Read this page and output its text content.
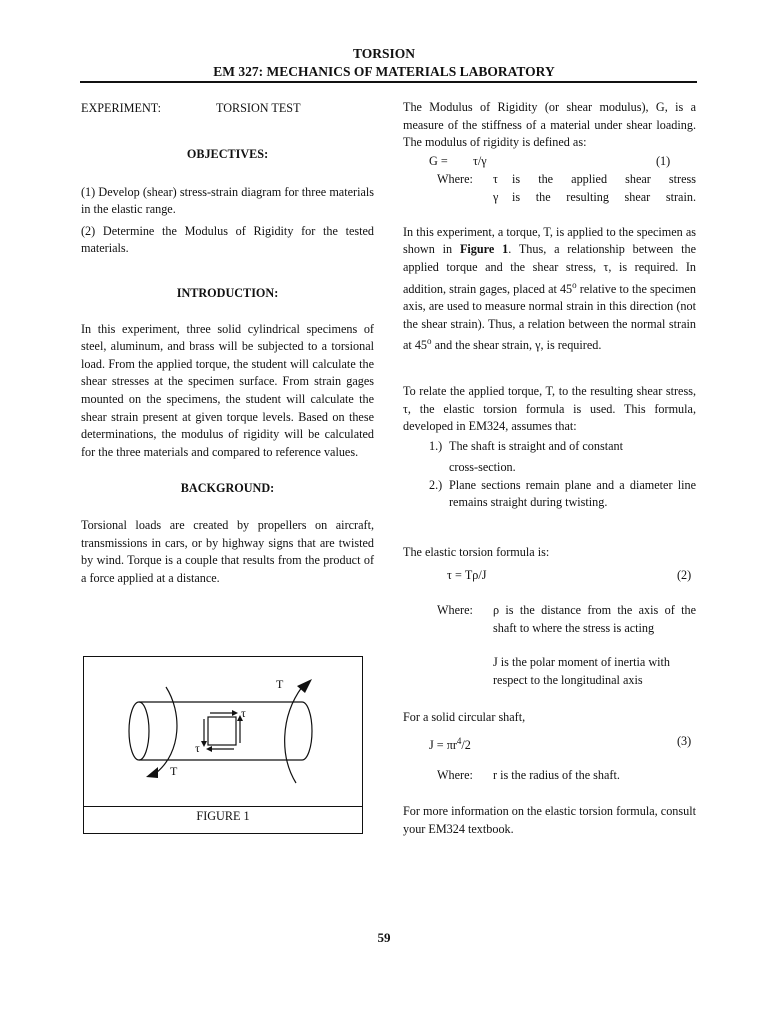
TORSION
EM 327: MECHANICS OF MATERIALS LABORATORY
EXPERIMENT:	TORSION TEST
OBJECTIVES:

(1) Develop (shear) stress-strain diagram for three materials in the elastic range.

(2) Determine the Modulus of Rigidity for the tested materials.

INTRODUCTION:

In this experiment, three solid cylindrical specimens of steel, aluminum, and brass will be subjected to a torsional load. From the applied torque, the student will calculate the shear stresses at the specimen surface. From strain gages mounted on the specimens, the student will calculate the shear strain present at given torque levels. Based on these determinations, the modulus of rigidity will be calculated for the three materials and compared to reference values.

BACKGROUND:

Torsional loads are created by propellers on aircraft, transmissions in cars, or by highway signs that are twisted by wind. Torque is a couple that results from the product of a force applied at a distance.

T
T
τ
τ
FIGURE 1

The Modulus of Rigidity (or shear modulus), G, is a measure of the stiffness of a material under shear loading. The modulus of rigidity is defined as:

G = τ/γ	(1)
Where: τ is the applied shear stress
γ is the resulting shear strain.

In this experiment, a torque, T, is applied to the specimen as shown in Figure 1. Thus, a relationship between the applied torque and the shear stress, τ, is required. In addition, strain gages, placed at 45$^o$ relative to the specimen axis, are used to measure normal strain in this direction (not the shear strain). Thus, a relation between the normal strain at 45$^o$ and the shear strain, γ, is required.

To relate the applied torque, T, to the resulting shear stress, τ, the elastic torsion formula is used. This formula, developed in EM324, assumes that:

1.) The shaft is straight and of constant
cross-section.
2.) Plane sections remain plane and a diameter line remains straight during twisting.

The elastic torsion formula is:

τ = Tρ/J	(2)
Where: ρ is the distance from the axis of the shaft to where the stress is acting
J is the polar moment of inertia with respect to the longitudinal axis

For a solid circular shaft,

$J = \pi r^4/2$	(3)
Where: r is the radius of the shaft.

For more information on the elastic torsion formula, consult your EM324 textbook.

59
